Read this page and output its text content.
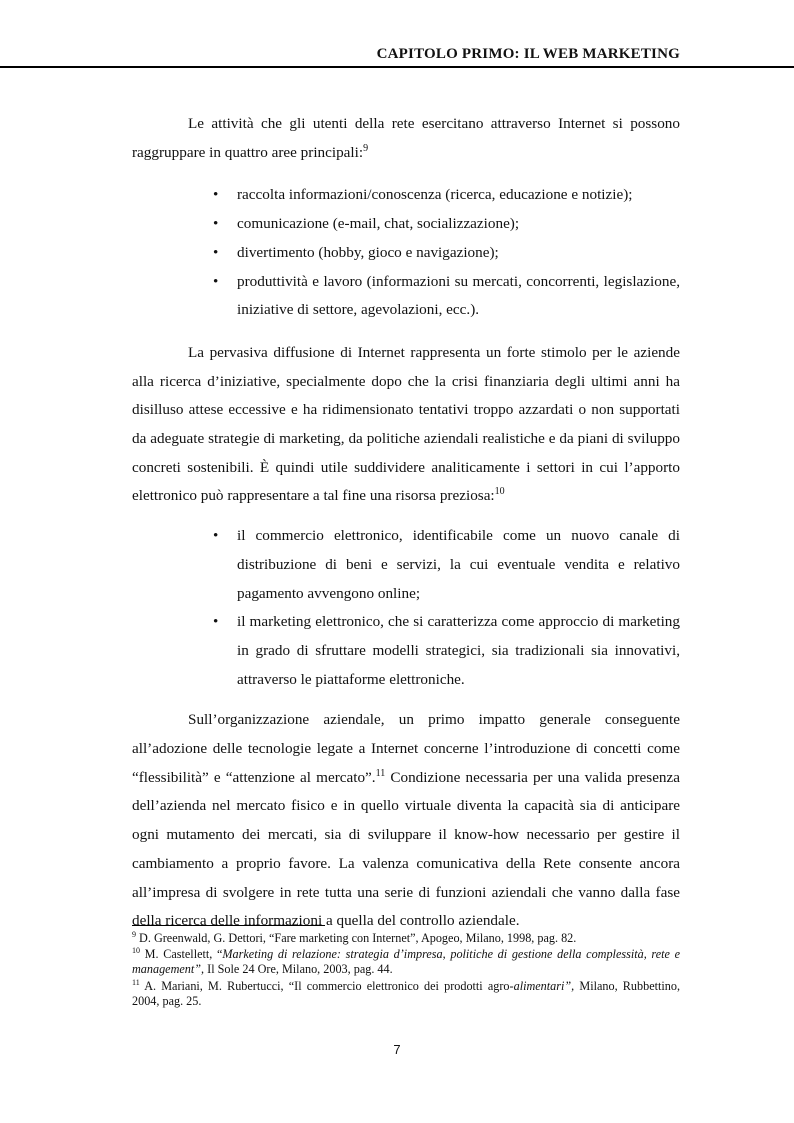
CAPITOLO PRIMO: IL WEB MARKETING

Le attività che gli utenti della rete esercitano attraverso Internet si possono raggruppare in quattro aree principali:$^9$

• raccolta informazioni/conoscenza (ricerca, educazione e notizie);
• comunicazione (e-mail, chat, socializzazione);
• divertimento (hobby, gioco e navigazione);
• produttività e lavoro (informazioni su mercati, concorrenti, legislazione, iniziative di settore, agevolazioni, ecc.).

La pervasiva diffusione di Internet rappresenta un forte stimolo per le aziende alla ricerca d’iniziative, specialmente dopo che la crisi finanziaria degli ultimi anni ha disilluso attese eccessive e ha ridimensionato tentativi troppo azzardati o non supportati da adeguate strategie di marketing, da politiche aziendali realistiche e da piani di sviluppo concreti sostenibili. È quindi utile suddividere analiticamente i settori in cui l’apporto elettronico può rappresentare a tal fine una risorsa preziosa:$^{10}$

• il commercio elettronico, identificabile come un nuovo canale di distribuzione di beni e servizi, la cui eventuale vendita e relativo pagamento avvengono online;
• il marketing elettronico, che si caratterizza come approccio di marketing in grado di sfruttare modelli strategici, sia tradizionali sia innovativi, attraverso le piattaforme elettroniche.

Sull’organizzazione aziendale, un primo impatto generale conseguente all’adozione delle tecnologie legate a Internet concerne l’introduzione di concetti come “flessibilità” e “attenzione al mercato”.$^{11}$ Condizione necessaria per una valida presenza dell’azienda nel mercato fisico e in quello virtuale diventa la capacità sia di anticipare ogni mutamento dei mercati, sia di sviluppare il know-how necessario per gestire il cambiamento a proprio favore. La valenza comunicativa della Rete consente ancora all’impresa di svolgere in rete tutta una serie di funzioni aziendali che vanno dalla fase della ricerca delle informazioni a quella del controllo aziendale.

$^9$ D. Greenwald, G. Dettori, “Fare marketing con Internet”, Apogeo, Milano, 1998, pag. 82.

$^{10}$ M. Castellett, “Marketing di relazione: strategia d’impresa, politiche di gestione della complessità, rete e management”, Il Sole 24 Ore, Milano, 2003, pag. 44.

$^{11}$ A. Mariani, M. Rubertucci, “Il commercio elettronico dei prodotti agro-alimentari”, Milano, Rubbettino, 2004, pag. 25.

7
